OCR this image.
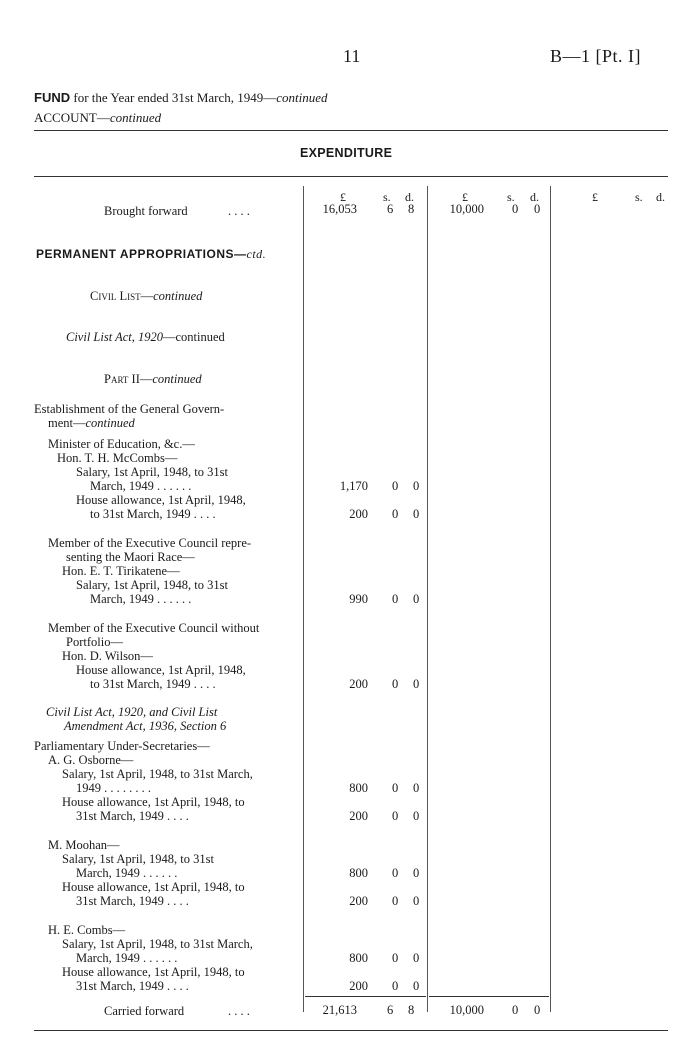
11	B—1 [Pt. I]
FUND for the Year ended 31st March, 1949—continued
ACCOUNT—continued
EXPENDITURE
£	s. d.	£	s. d.	£	s. d.
Brought forward	. . . .	16,053 6 8	10,000 0 0
PERMANENT APPROPRIATIONS—ctd.
Civil List—continued
Civil List Act, 1920—continued
Part II—continued
Establishment of the General Govern-
ment—continued
Minister of Education, &c.—
Hon. T. H. McCombs—
Salary, 1st April, 1948, to 31st
March, 1949 . . . . . .	1,170 0 0
House allowance, 1st April, 1948,
to 31st March, 1949 . . . .	200 0 0
Member of the Executive Council repre-
senting the Maori Race—
Hon. E. T. Tirikatene—
Salary, 1st April, 1948, to 31st
March, 1949 . . . . . .	990 0 0
Member of the Executive Council without
Portfolio—
Hon. D. Wilson—
House allowance, 1st April, 1948,
to 31st March, 1949 . . . .	200 0 0
Civil List Act, 1920, and Civil List
Amendment Act, 1936, Section 6
Parliamentary Under-Secretaries—
A. G. Osborne—
Salary, 1st April, 1948, to 31st March,
1949 . . . . . . . .	800 0 0
House allowance, 1st April, 1948, to
31st March, 1949 . . . .	200 0 0
M. Moohan—
Salary, 1st April, 1948, to 31st
March, 1949 . . . . . .	800 0 0
House allowance, 1st April, 1948, to
31st March, 1949 . . . .	200 0 0
H. E. Combs—
Salary, 1st April, 1948, to 31st March,
March, 1949 . . . . . .	800 0 0
House allowance, 1st April, 1948, to
31st March, 1949 . . . .	200 0 0
Carried forward	. . . .	21,613 6 8	10,000 0 0
